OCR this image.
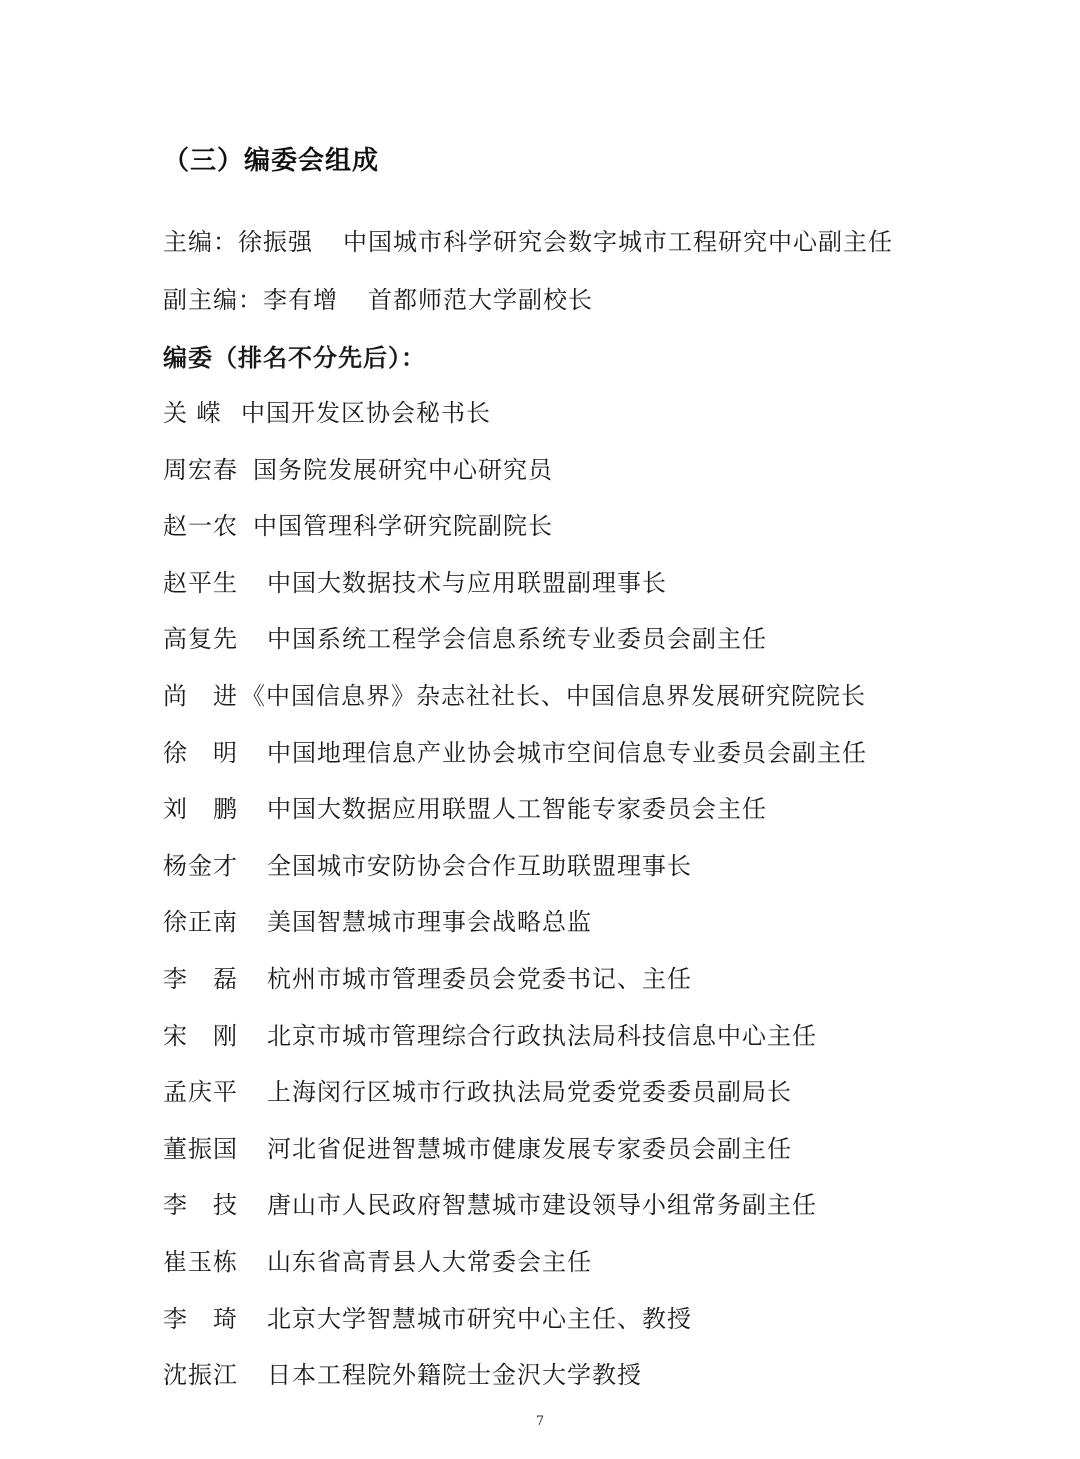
（三）编委会组成
主编：徐振强 中国城市科学研究会数字城市工程研究中心副主任
副主编：李有增 首都师范大学副校长
编委（排名不分先后）：
关 嵘 中国开发区协会秘书长
周宏春 国务院发展研究中心研究员
赵一农 中国管理科学研究院副院长
赵平生	中国大数据技术与应用联盟副理事长
高复先	中国系统工程学会信息系统专业委员会副主任
尚　进 《中国信息界》杂志社社长、中国信息界发展研究院院长
徐　明	中国地理信息产业协会城市空间信息专业委员会副主任
刘　鹏	中国大数据应用联盟人工智能专家委员会主任
杨金才	全国城市安防协会合作互助联盟理事长
徐正南	美国智慧城市理事会战略总监
李　磊	杭州市城市管理委员会党委书记、主任
宋　刚	北京市城市管理综合行政执法局科技信息中心主任
孟庆平	上海闵行区城市行政执法局党委党委委员副局长
董振国	河北省促进智慧城市健康发展专家委员会副主任
李　技	唐山市人民政府智慧城市建设领导小组常务副主任
崔玉栋	山东省高青县人大常委会主任
李　琦	北京大学智慧城市研究中心主任、教授
沈振江	日本工程院外籍院士金沢大学教授
7
